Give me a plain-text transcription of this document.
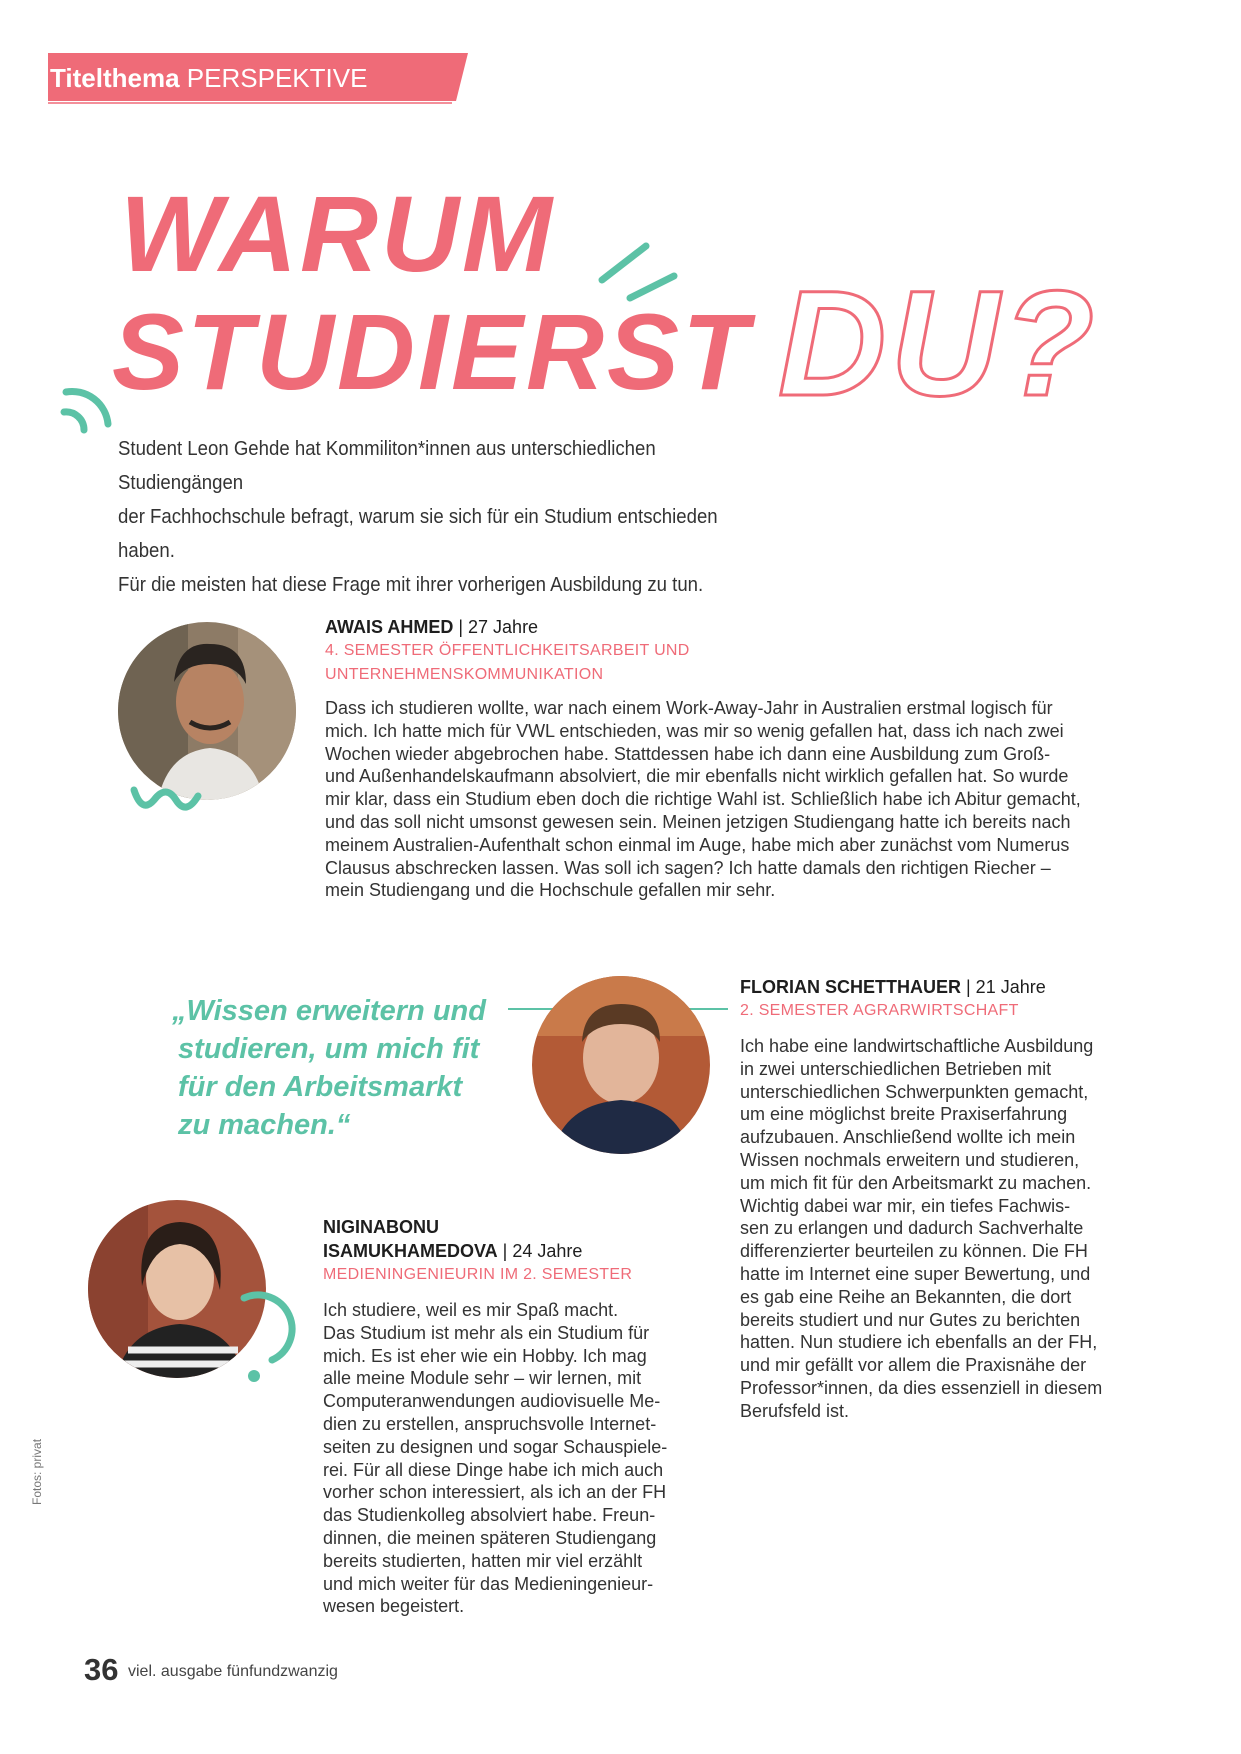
Titelthema PERSPEKTIVE STUDIUM
WARUM
STUDIERST DU?
Student Leon Gehde hat Kommiliton*innen aus unterschiedlichen Studiengängen
der Fachhochschule befragt, warum sie sich für ein Studium entschieden haben.
Für die meisten hat diese Frage mit ihrer vorherigen Ausbildung zu tun.
AWAIS AHMED | 27 Jahre
4. SEMESTER ÖFFENTLICHKEITSARBEIT UND
UNTERNEHMENSKOMMUNIKATION
Dass ich studieren wollte, war nach einem Work-Away-Jahr in Australien erstmal logisch für
mich. Ich hatte mich für VWL entschieden, was mir so wenig gefallen hat, dass ich nach zwei
Wochen wieder abgebrochen habe. Stattdessen habe ich dann eine Ausbildung zum Groß-
und Außenhandelskaufmann absolviert, die mir ebenfalls nicht wirklich gefallen hat. So wurde
mir klar, dass ein Studium eben doch die richtige Wahl ist. Schließlich habe ich Abitur gemacht,
und das soll nicht umsonst gewesen sein. Meinen jetzigen Studiengang hatte ich bereits nach
meinem Australien-Aufenthalt schon einmal im Auge, habe mich aber zunächst vom Numerus
Clausus abschrecken lassen. Was soll ich sagen? Ich hatte damals den richtigen Riecher –
mein Studiengang und die Hochschule gefallen mir sehr.
„Wissen erweitern und
studieren, um mich fit
für den Arbeitsmarkt
zu machen.“
FLORIAN SCHETTHAUER | 21 Jahre
2. SEMESTER AGRARWIRTSCHAFT
Ich habe eine landwirtschaftliche Ausbildung
in zwei unterschiedlichen Betrieben mit
unterschiedlichen Schwerpunkten gemacht,
um eine möglichst breite Praxiserfahrung
aufzubauen. Anschließend wollte ich mein
Wissen nochmals erweitern und studieren,
um mich fit für den Arbeitsmarkt zu machen.
Wichtig dabei war mir, ein tiefes Fachwis-
sen zu erlangen und dadurch Sachverhalte
differenzierter beurteilen zu können. Die FH
hatte im Internet eine super Bewertung, und
es gab eine Reihe an Bekannten, die dort
bereits studiert und nur Gutes zu berichten
hatten. Nun studiere ich ebenfalls an der FH,
und mir gefällt vor allem die Praxisnähe der
Professor*innen, da dies essenziell in diesem
Berufsfeld ist.
NIGINABONU
ISAMUKHAMEDOVA | 24 Jahre
MEDIENINGENIEURIN IM 2. SEMESTER
Ich studiere, weil es mir Spaß macht.
Das Studium ist mehr als ein Studium für
mich. Es ist eher wie ein Hobby. Ich mag
alle meine Module sehr – wir lernen, mit
Computeranwendungen audiovisuelle Me-
dien zu erstellen, anspruchsvolle Internet-
seiten zu designen und sogar Schauspiele-
rei. Für all diese Dinge habe ich mich auch
vorher schon interessiert, als ich an der FH
das Studienkolleg absolviert habe. Freun-
dinnen, die meinen späteren Studiengang
bereits studierten, hatten mir viel erzählt
und mich weiter für das Medieningenieur-
wesen begeistert.
Fotos: privat
36 viel. ausgabe fünfundzwanzig
